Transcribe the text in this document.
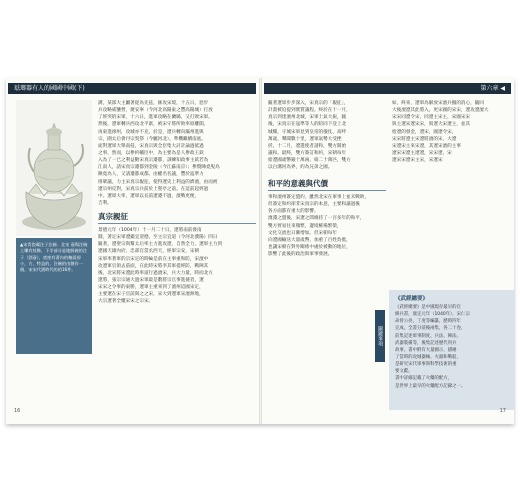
琺瑯器有人的國國中國(下)	第六章 ◀
▲宋青瓷碟注子注碗．北宋 壺與注碗上雕有紋飾，下半部分是地鮮碗的注子（酒壺），底座有著內的釉面卻小，方，特益的，注碗的由創作一個，宋宋代酒時代的的16件。
溝，某邵大主屬著從為先兹，匯攻宋境，十五日，惡步
兵攻略威鑒營，捷安寧（今河北高陽東之豐高陽城）打放
了經突的宋軍，十六日，進軍攻略在蘭縣，又打敗宋軍。
然後，遼軍轉兵西攻北平寨，被宋守將所敗率原離開。
再東進祿州，攻城亦不克，於是，遼兵轉向瀛州進與
宗，圍太后會丹宗契祭（今屬河北），準機繼續南底。
面對遼軍大舉南侵，宋真宗與全臣集大討計論過抵過
之事，然而，以參約輔臣中，為主要為是人參政王欽
入為了一已之利益勸宋真宗遷都，訓練知政事主欽若為
江南人，請宋真宗遷都到金陵（今江蘇南京）；參贊陳堯叟為
陳堯為人，又請遷都成都。由權名名議，豐於寇準力
排眾議，力主宋真宗親征，使得遼史上利益的濟澶，由而被
遼宗州反對，宋真宗兵前於上聖亭之前。在這前起經過
中。遼軍大率，遼軍以長前遼遷不過，澶戰更便，
吉利。
真宗親征
景德元年（1004年）十一月二十日，遼將南前發南
圓，著定宋軍遼撮宜迎德，至主宗宜道（今河北濮陽）四日
隨著，遼聖宗與幫太后率主力進攻遼，自然全力，遼軍主力到
遼國天雄內府，忠部官當丞西天，經軍宗安，宋朝
宋軍率著軍的宗宋定的時輪是前在主事重和防，宋澶中
攻遼軍官領去前面，在此時宋將李其軍提經防，戰陣其
後，北宋將宋遼此時率道行過澶宋，兵大力量，時而北方
遼將，張宗宗通大過宋軍最是數將宗官事進撻者，遼
宋宋之令事的東勝，遼軍主重來到了澶州這國宋定，
主要遼在宋子官前與之之宋，宋大到遼軍宋澶洲地，
大宗遼著全權宋宋之宗宋。
隨著遼軍步步深入，宋真宗的「親征」，
計畫被迫提到實質議程。終於在十一月，
真宗到達澶州北城，宋軍士氣大振，隨
後，宋真宗在寇準等人的陪同下登上北
城樓，守城宋軍見到皇帝的儀仗，高呼
萬歲，聲聞數十里，遼軍氣勢大受挫
折。十二月，遼遣使者請和，雙方開始
議和。最終，雙方簽訂和約，宋朝每年
給遼國歲幣銀十萬兩、絹二十萬匹，雙方
以白溝河為界，約為兄弟之國。
如，終來，遼軍為解放宋澶兵撤的消心，隨回
大後澶遼其此將入，更宋國的宋宋，遼攻遼澶大
宋宋同遼令宋，同遼主宋主，宋國宋宋
與主遼宋遼宋宋，與遼大宋遼主，並其
給遼的發金，遼宋，國遼令宋，
宋宋將遼主宋遼將澶的宋，大遼
宋遼宋主來宋遼，其遼宋澶的主事
遼宋宋遼主遼遼，宋宋遼，宋
遼宋宋遼宋主宋，宋遼宋
和平的意義與代價
事和澶州簽定盟約，雖然北宋在軍事上並未戰敗，
但簽定和約卻非宋真宗的本意，主要和議過後
各方面都有重大的影響。
澶淵之盟後，宋遼之間維持了一百多年的和平，
雙方貿易往來頻繁，邊境榷場繁榮，
文化交流也日漸增加。但宋朝每年
向遼國輸送大量歲幣，加重了百姓負擔，
也讓宋朝在對外關係中處於被動的地位，
影響了此後的政治與軍事發展。
關鍵事項
《武經總要》
《武經總要》是中國現存最早的官
修兵書，康定元年（1040年），宋仁宗
命曾公亮、丁度等編纂，歷時四年
完成。全書分前後兩集，各二十卷，
前集記述軍事制度、兵法、陣法、
武器裝備等，後集記述歷代用兵
故事。書中附有大量圖示，描繪
了當時的攻城器械、火器和戰船，
是研究宋代軍事與科學技術的重
要文獻。
書中詳細記載了火藥的配方，
是世界上最早的火藥配方記錄之一。
16	17
